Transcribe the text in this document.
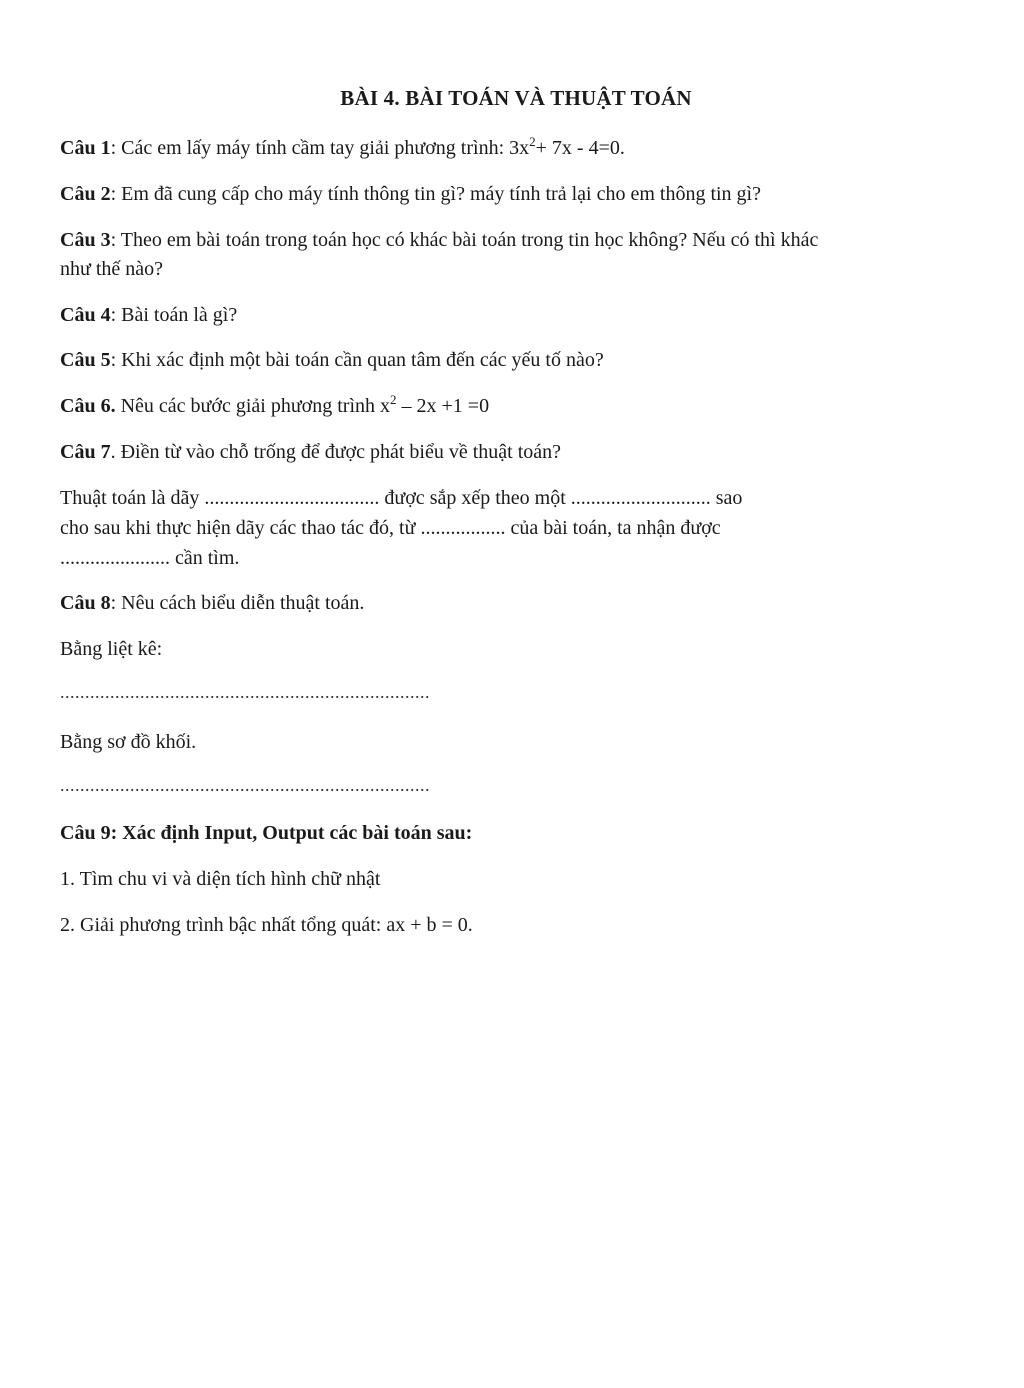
BÀI 4. BÀI TOÁN VÀ THUẬT TOÁN
Câu 1: Các em lấy máy tính cầm tay giải phương trình: $3x^2+ 7x - 4=0$.
Câu 2: Em đã cung cấp cho máy tính thông tin gì? máy tính trả lại cho em thông tin gì?
Câu 3: Theo em bài toán trong toán học có khác bài toán trong tin học không? Nếu có thì khác
như thế nào?
Câu 4: Bài toán là gì?
Câu 5: Khi xác định một bài toán cần quan tâm đến các yếu tố nào?
Câu 6. Nêu các bước giải phương trình $x^2 - 2x +1 =0$
Câu 7. Điền từ vào chỗ trống để được phát biểu về thuật toán?
Thuật toán là dãy ................................... được sắp xếp theo một ............................ sao
cho sau khi thực hiện dãy các thao tác đó, từ ................. của bài toán, ta nhận được
...................... cần tìm.
Câu 8: Nêu cách biểu diễn thuật toán.
Bằng liệt kê:
..........................................................................
Bằng sơ đồ khối.
..........................................................................
Câu 9: Xác định Input, Output các bài toán sau:
1. Tìm chu vi và diện tích hình chữ nhật
2. Giải phương trình bậc nhất tổng quát: ax + b = 0.
